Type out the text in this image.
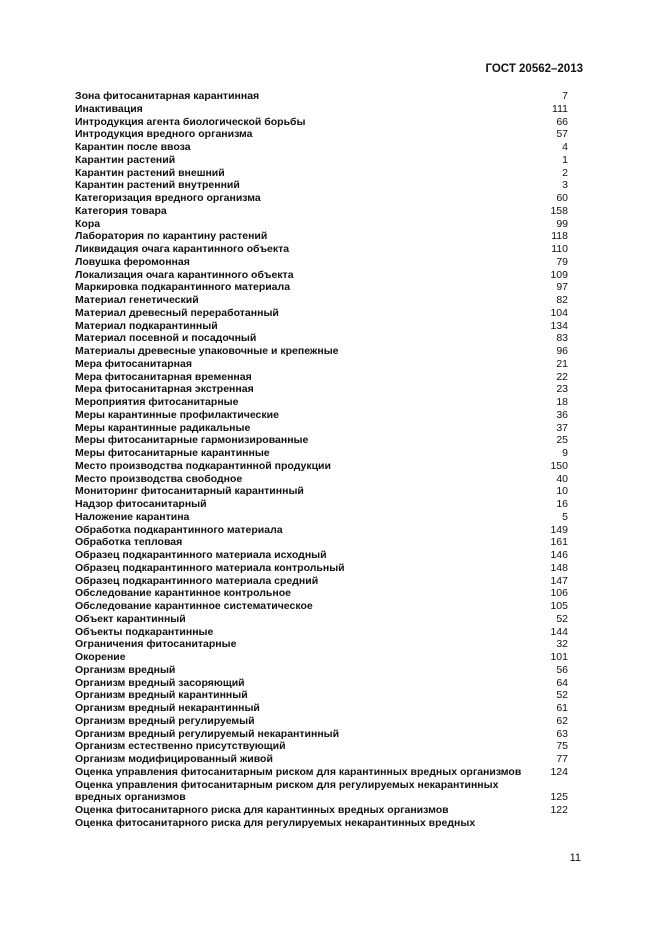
ГОСТ 20562–2013
Зона фитосанитарная карантинная	7
Инактивация	111
Интродукция агента биологической борьбы	66
Интродукция вредного организма	57
Карантин после ввоза	4
Карантин растений	1
Карантин растений внешний	2
Карантин растений внутренний	3
Категоризация вредного организма	60
Категория товара	158
Кора	99
Лаборатория по карантину растений	118
Ликвидация очага карантинного объекта	110
Ловушка феромонная	79
Локализация очага карантинного объекта	109
Маркировка подкарантинного материала	97
Материал генетический	82
Материал древесный переработанный	104
Материал подкарантинный	134
Материал посевной и посадочный	83
Материалы древесные упаковочные и крепежные	96
Мера фитосанитарная	21
Мера фитосанитарная временная	22
Мера фитосанитарная экстренная	23
Мероприятия фитосанитарные	18
Меры карантинные профилактические	36
Меры карантинные радикальные	37
Меры фитосанитарные гармонизированные	25
Меры фитосанитарные карантинные	9
Место производства подкарантинной продукции	150
Место производства свободное	40
Мониторинг фитосанитарный карантинный	10
Надзор фитосанитарный	16
Наложение карантина	5
Обработка подкарантинного материала	149
Обработка тепловая	161
Образец подкарантинного материала исходный	146
Образец подкарантинного материала контрольный	148
Образец подкарантинного материала средний	147
Обследование карантинное контрольное	106
Обследование карантинное систематическое	105
Объект карантинный	52
Объекты подкарантинные	144
Ограничения фитосанитарные	32
Окорение	101
Организм вредный	56
Организм вредный засоряющий	64
Организм вредный карантинный	52
Организм вредный некарантинный	61
Организм вредный регулируемый	62
Организм вредный регулируемый некарантинный	63
Организм естественно присутствующий	75
Организм модифицированный живой	77
Оценка управления фитосанитарным риском для карантинных вредных организмов	124
Оценка управления фитосанитарным риском для регулируемых некарантинных вредных организмов	125
Оценка фитосанитарного риска для карантинных вредных организмов	122
Оценка фитосанитарного риска для регулируемых некарантинных вредных
11
